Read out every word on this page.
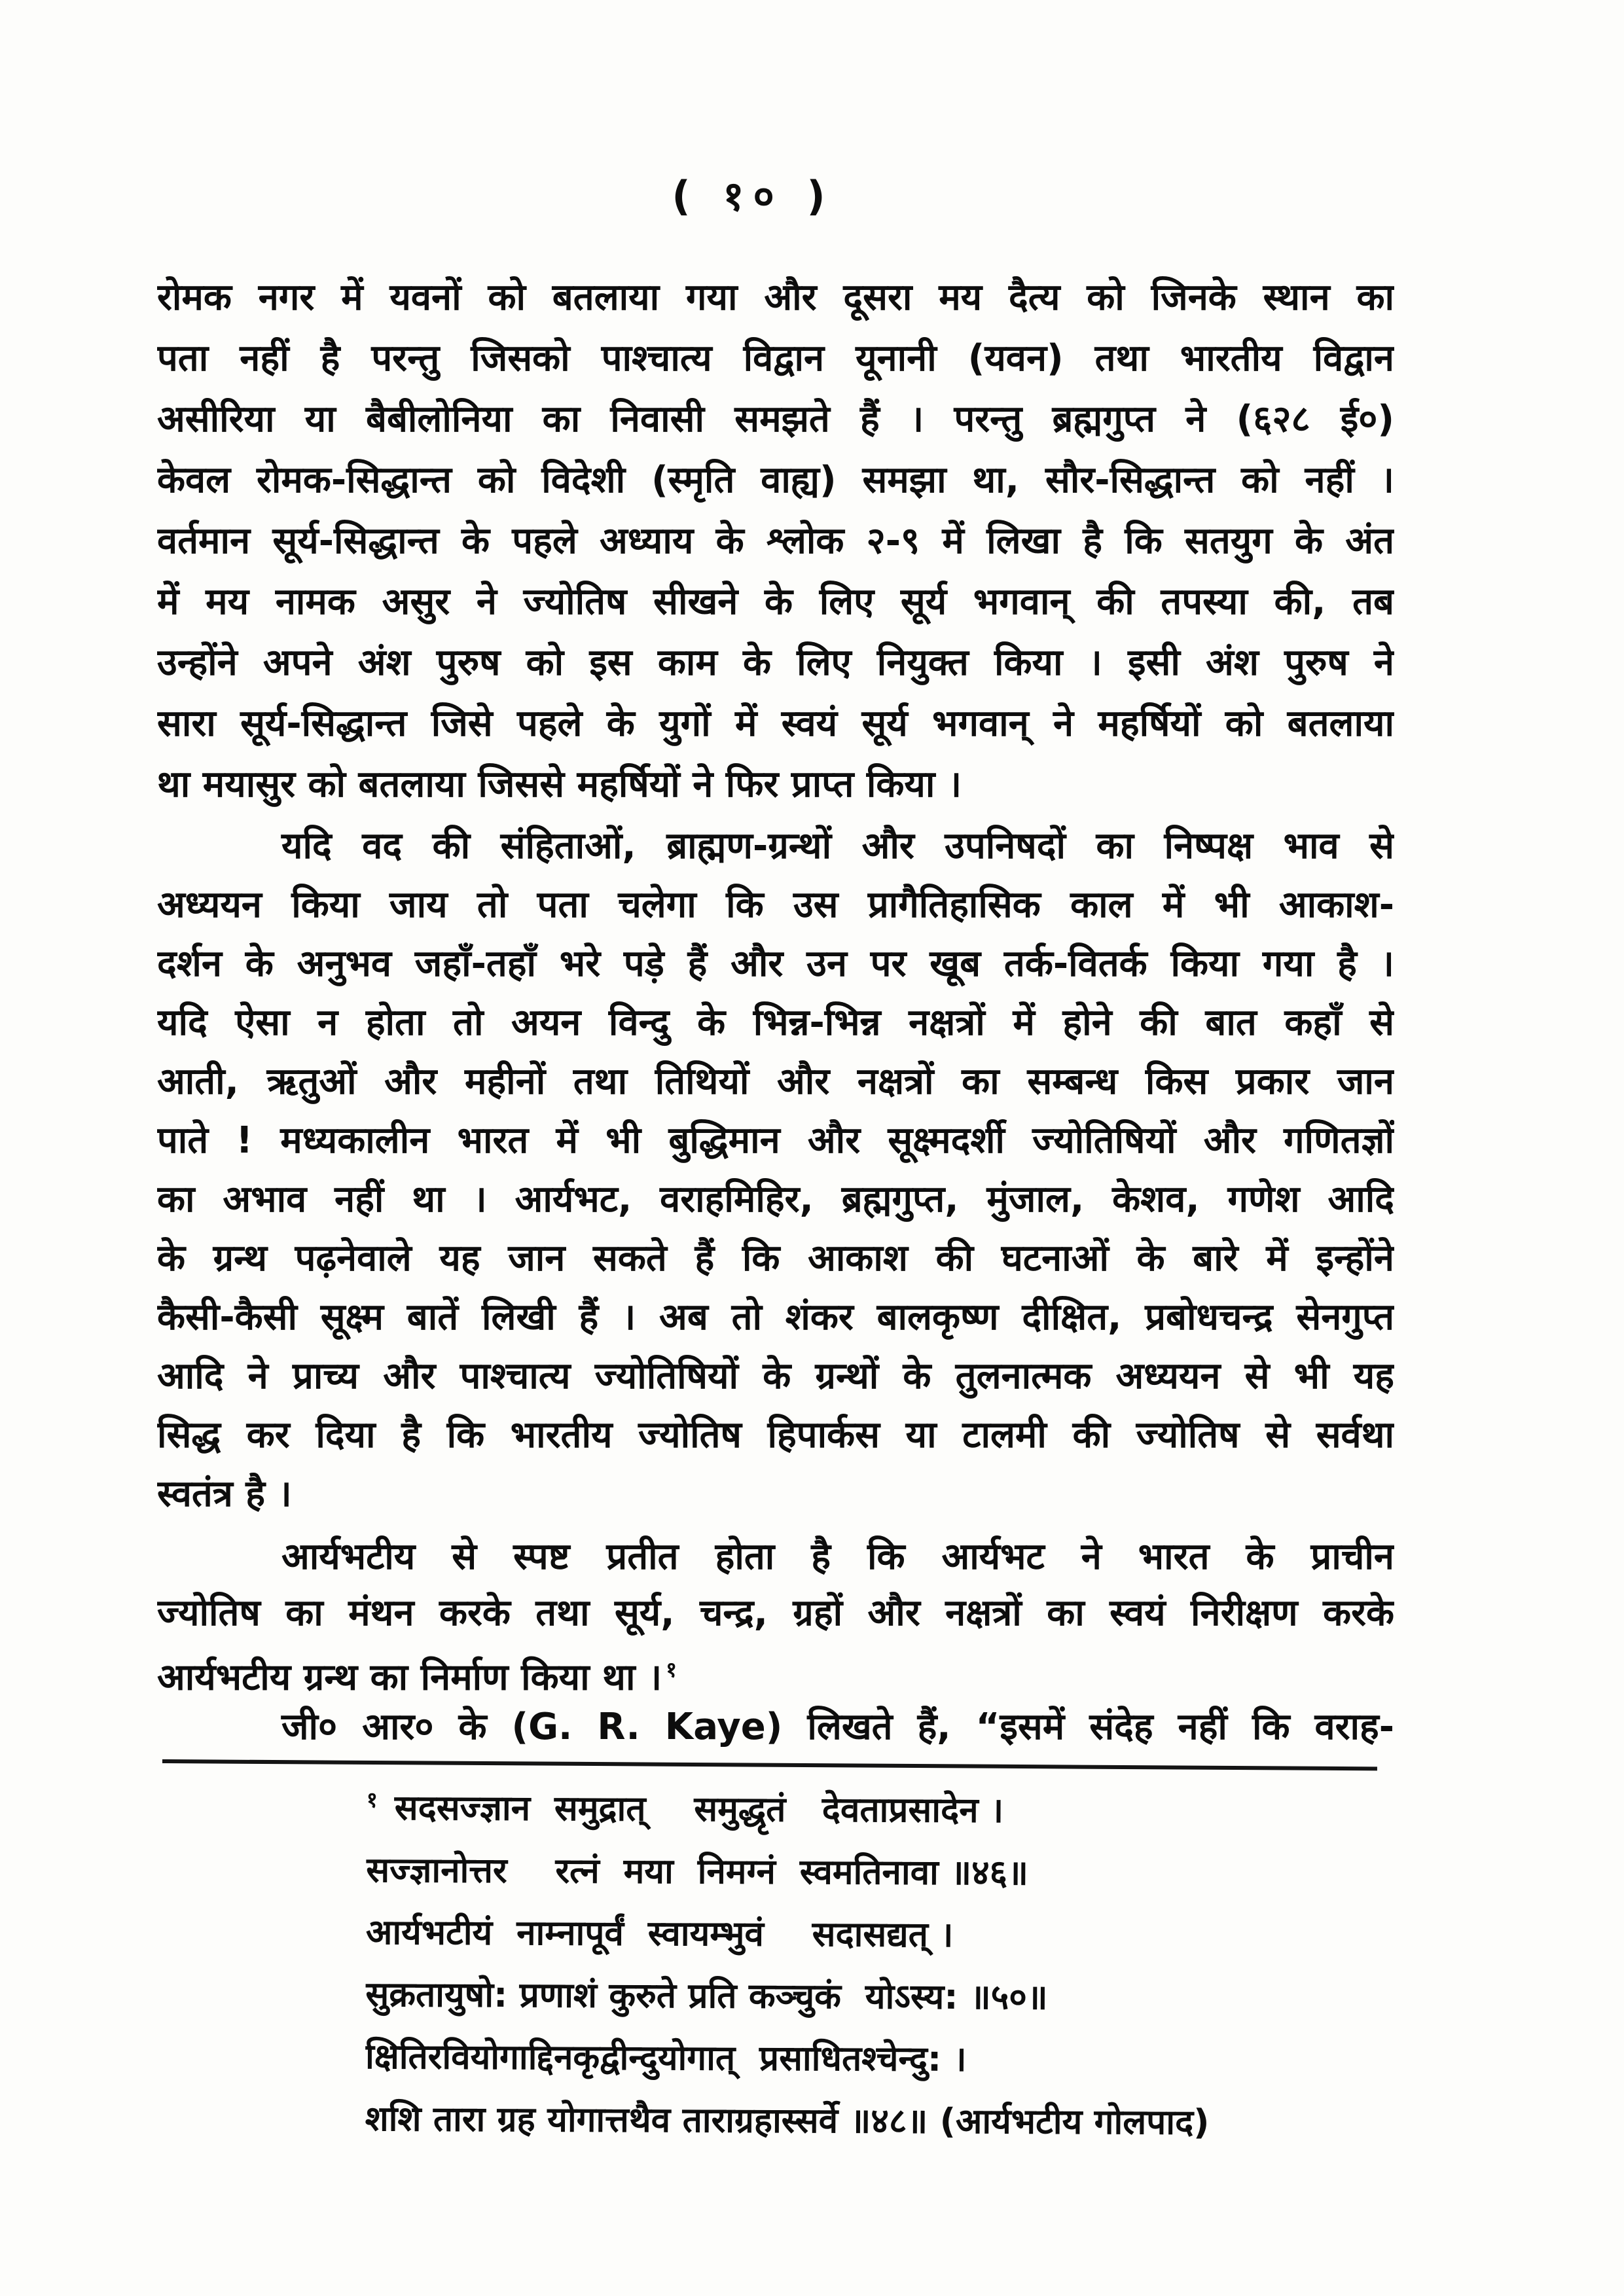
( १० )
रोमक नगर में यवनों को बतलाया गया और दूसरा मय दैत्य को जिनके स्थान का
पता नहीं है परन्तु जिसको पाश्चात्य विद्वान यूनानी (यवन) तथा भारतीय विद्वान
असीरिया या बैबीलोनिया का निवासी समझते हैं । परन्तु ब्रह्मगुप्त ने (६२८ ई०)
केवल रोमक-सिद्धान्त को विदेशी (स्मृति वाह्य) समझा था, सौर-सिद्धान्त को नहीं ।
वर्तमान सूर्य-सिद्धान्त के पहले अध्याय के श्लोक २-९ में लिखा है कि सतयुग के अंत
में मय नामक असुर ने ज्योतिष सीखने के लिए सूर्य भगवान् की तपस्या की, तब
उन्होंने अपने अंश पुरुष को इस काम के लिए नियुक्त किया । इसी अंश पुरुष ने
सारा सूर्य-सिद्धान्त जिसे पहले के युगों में स्वयं सूर्य भगवान् ने महर्षियों को बतलाया
था मयासुर को बतलाया जिससे महर्षियों ने फिर प्राप्त किया ।
यदि वद की संहिताओं, ब्राह्मण-ग्रन्थों और उपनिषदों का निष्पक्ष भाव से
अध्ययन किया जाय तो पता चलेगा कि उस प्रागैतिहासिक काल में भी आकाश-
दर्शन के अनुभव जहाँ-तहाँ भरे पड़े हैं और उन पर खूब तर्क-वितर्क किया गया है ।
यदि ऐसा न होता तो अयन विन्दु के भिन्न-भिन्न नक्षत्रों में होने की बात कहाँ से
आती, ऋतुओं और महीनों तथा तिथियों और नक्षत्रों का सम्बन्ध किस प्रकार जान
पाते ! मध्यकालीन भारत में भी बुद्धिमान और सूक्ष्मदर्शी ज्योतिषियों और गणितज्ञों
का अभाव नहीं था । आर्यभट, वराहमिहिर, ब्रह्मगुप्त, मुंजाल, केशव, गणेश आदि
के ग्रन्थ पढ़नेवाले यह जान सकते हैं कि आकाश की घटनाओं के बारे में इन्होंने
कैसी-कैसी सूक्ष्म बातें लिखी हैं । अब तो शंकर बालकृष्ण दीक्षित, प्रबोधचन्द्र सेनगुप्त
आदि ने प्राच्य और पाश्चात्य ज्योतिषियों के ग्रन्थों के तुलनात्मक अध्ययन से भी यह
सिद्ध कर दिया है कि भारतीय ज्योतिष हिपार्कस या टालमी की ज्योतिष से सर्वथा
स्वतंत्र है ।
आर्यभटीय से स्पष्ट प्रतीत होता है कि आर्यभट ने भारत के प्राचीन
ज्योतिष का मंथन करके तथा सूर्य, चन्द्र, ग्रहों और नक्षत्रों का स्वयं निरीक्षण करके
आर्यभटीय ग्रन्थ का निर्माण किया था । $^१$
जी० आर० के (G. R. Kaye) लिखते हैं, “इसमें संदेह नहीं कि वराह-
$^१$ सदसज्ज्ञान  समुद्रात्    समुद्धृतं   देवताप्रसादेन ।
सज्ज्ञानोत्तर    रत्नं  मया  निमग्नं  स्वमतिनावा ॥४६॥
आर्यभटीयं  नाम्नापूर्वं  स्वायम्भुवं    सदासद्यत् ।
सुक्रतायुषो: प्रणाशं कुरुते प्रति कञ्चुकं  योऽस्य: ॥५०॥
क्षितिरवियोगाद्दिनकृद्वीन्दुयोगात्  प्रसाधितश्चेन्दु: ।
शशि तारा ग्रह योगात्तथैव ताराग्रहास्सर्वे ॥४८॥ (आर्यभटीय गोलपाद)
